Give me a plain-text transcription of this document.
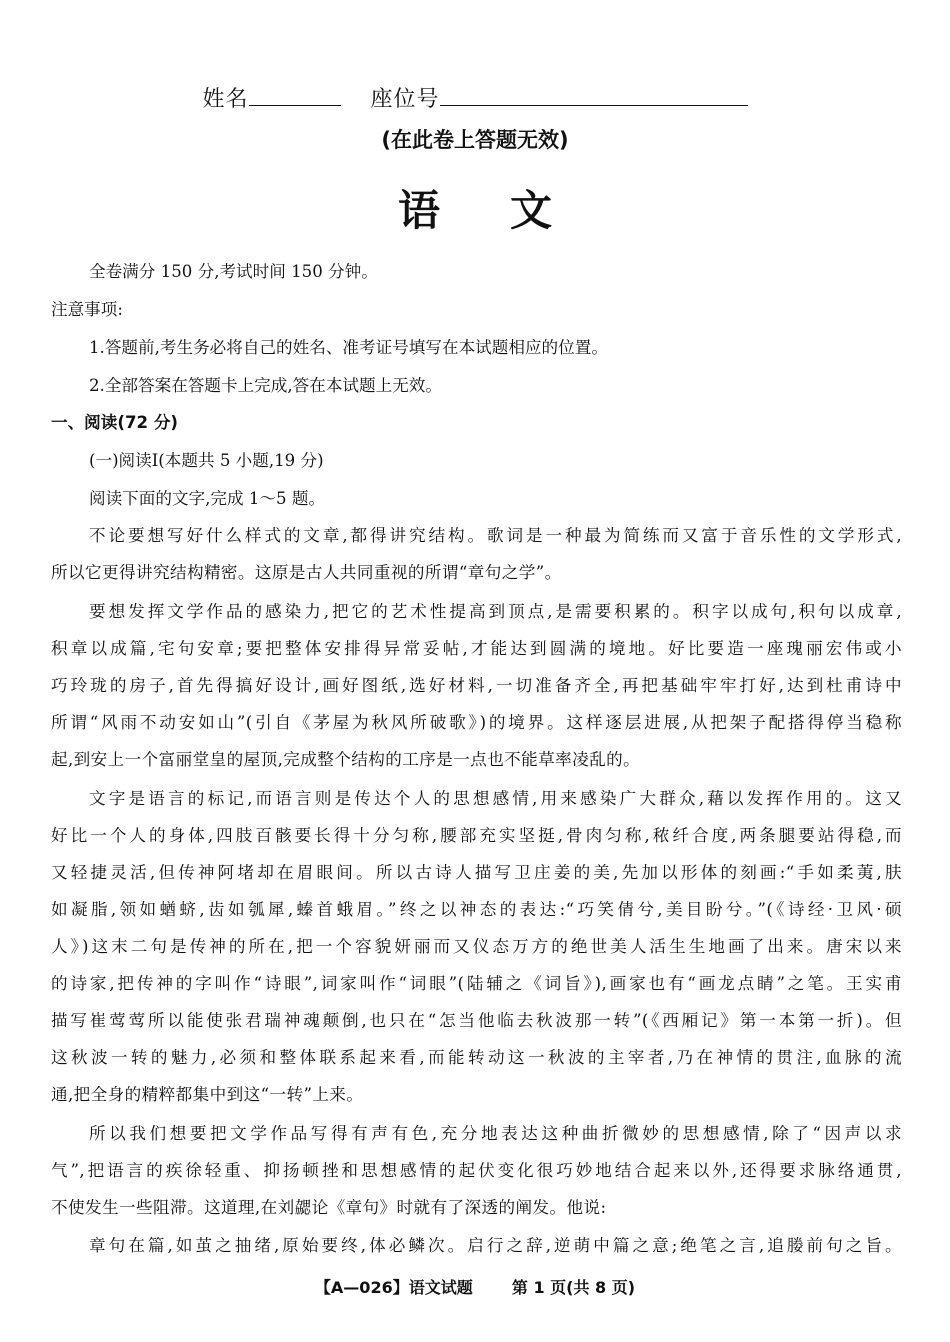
姓名	座位号
(在此卷上答题无效)
语文
全卷满分 150 分,考试时间 150 分钟。
注意事项:
1.答题前,考生务必将自己的姓名、准考证号填写在本试题相应的位置。
2.全部答案在答题卡上完成,答在本试题上无效。
一、阅读(72 分)
(一)阅读Ⅰ(本题共 5 小题,19 分)
阅读下面的文字,完成 1～5 题。
不论要想写好什么样式的文章,都得讲究结构。歌词是一种最为简练而又富于音乐性的文学形式,
所以它更得讲究结构精密。这原是古人共同重视的所谓“章句之学”。
要想发挥文学作品的感染力,把它的艺术性提高到顶点,是需要积累的。积字以成句,积句以成章,
积章以成篇,宅句安章;要把整体安排得异常妥帖,才能达到圆满的境地。好比要造一座瑰丽宏伟或小
巧玲珑的房子,首先得搞好设计,画好图纸,选好材料,一切准备齐全,再把基础牢牢打好,达到杜甫诗中
所谓“风雨不动安如山”(引自《茅屋为秋风所破歌》)的境界。这样逐层进展,从把架子配搭得停当稳称
起,到安上一个富丽堂皇的屋顶,完成整个结构的工序是一点也不能草率凌乱的。
文字是语言的标记,而语言则是传达个人的思想感情,用来感染广大群众,藉以发挥作用的。这又
好比一个人的身体,四肢百骸要长得十分匀称,腰部充实坚挺,骨肉匀称,秾纤合度,两条腿要站得稳,而
又轻捷灵活,但传神阿堵却在眉眼间。所以古诗人描写卫庄姜的美,先加以形体的刻画:“手如柔荑,肤
如凝脂,领如蝤蛴,齿如瓠犀,螓首蛾眉。”终之以神态的表达:“巧笑倩兮,美目盼兮。”(《诗经·卫风·硕
人》)这末二句是传神的所在,把一个容貌妍丽而又仪态万方的绝世美人活生生地画了出来。唐宋以来
的诗家,把传神的字叫作“诗眼”,词家叫作“词眼”(陆辅之《词旨》),画家也有“画龙点睛”之笔。王实甫
描写崔莺莺所以能使张君瑞神魂颠倒,也只在“怎当他临去秋波那一转”(《西厢记》第一本第一折)。但
这秋波一转的魅力,必须和整体联系起来看,而能转动这一秋波的主宰者,乃在神情的贯注,血脉的流
通,把全身的精粹都集中到这“一转”上来。
所以我们想要把文学作品写得有声有色,充分地表达这种曲折微妙的思想感情,除了“因声以求
气”,把语言的疾徐轻重、抑扬顿挫和思想感情的起伏变化很巧妙地结合起来以外,还得要求脉络通贯,
不使发生一些阻滞。这道理,在刘勰论《章句》时就有了深透的阐发。他说:
章句在篇,如茧之抽绪,原始要终,体必鳞次。启行之辞,逆萌中篇之意;绝笔之言,追媵前句之旨。
【A—026】语文试题 第 1 页(共 8 页)
